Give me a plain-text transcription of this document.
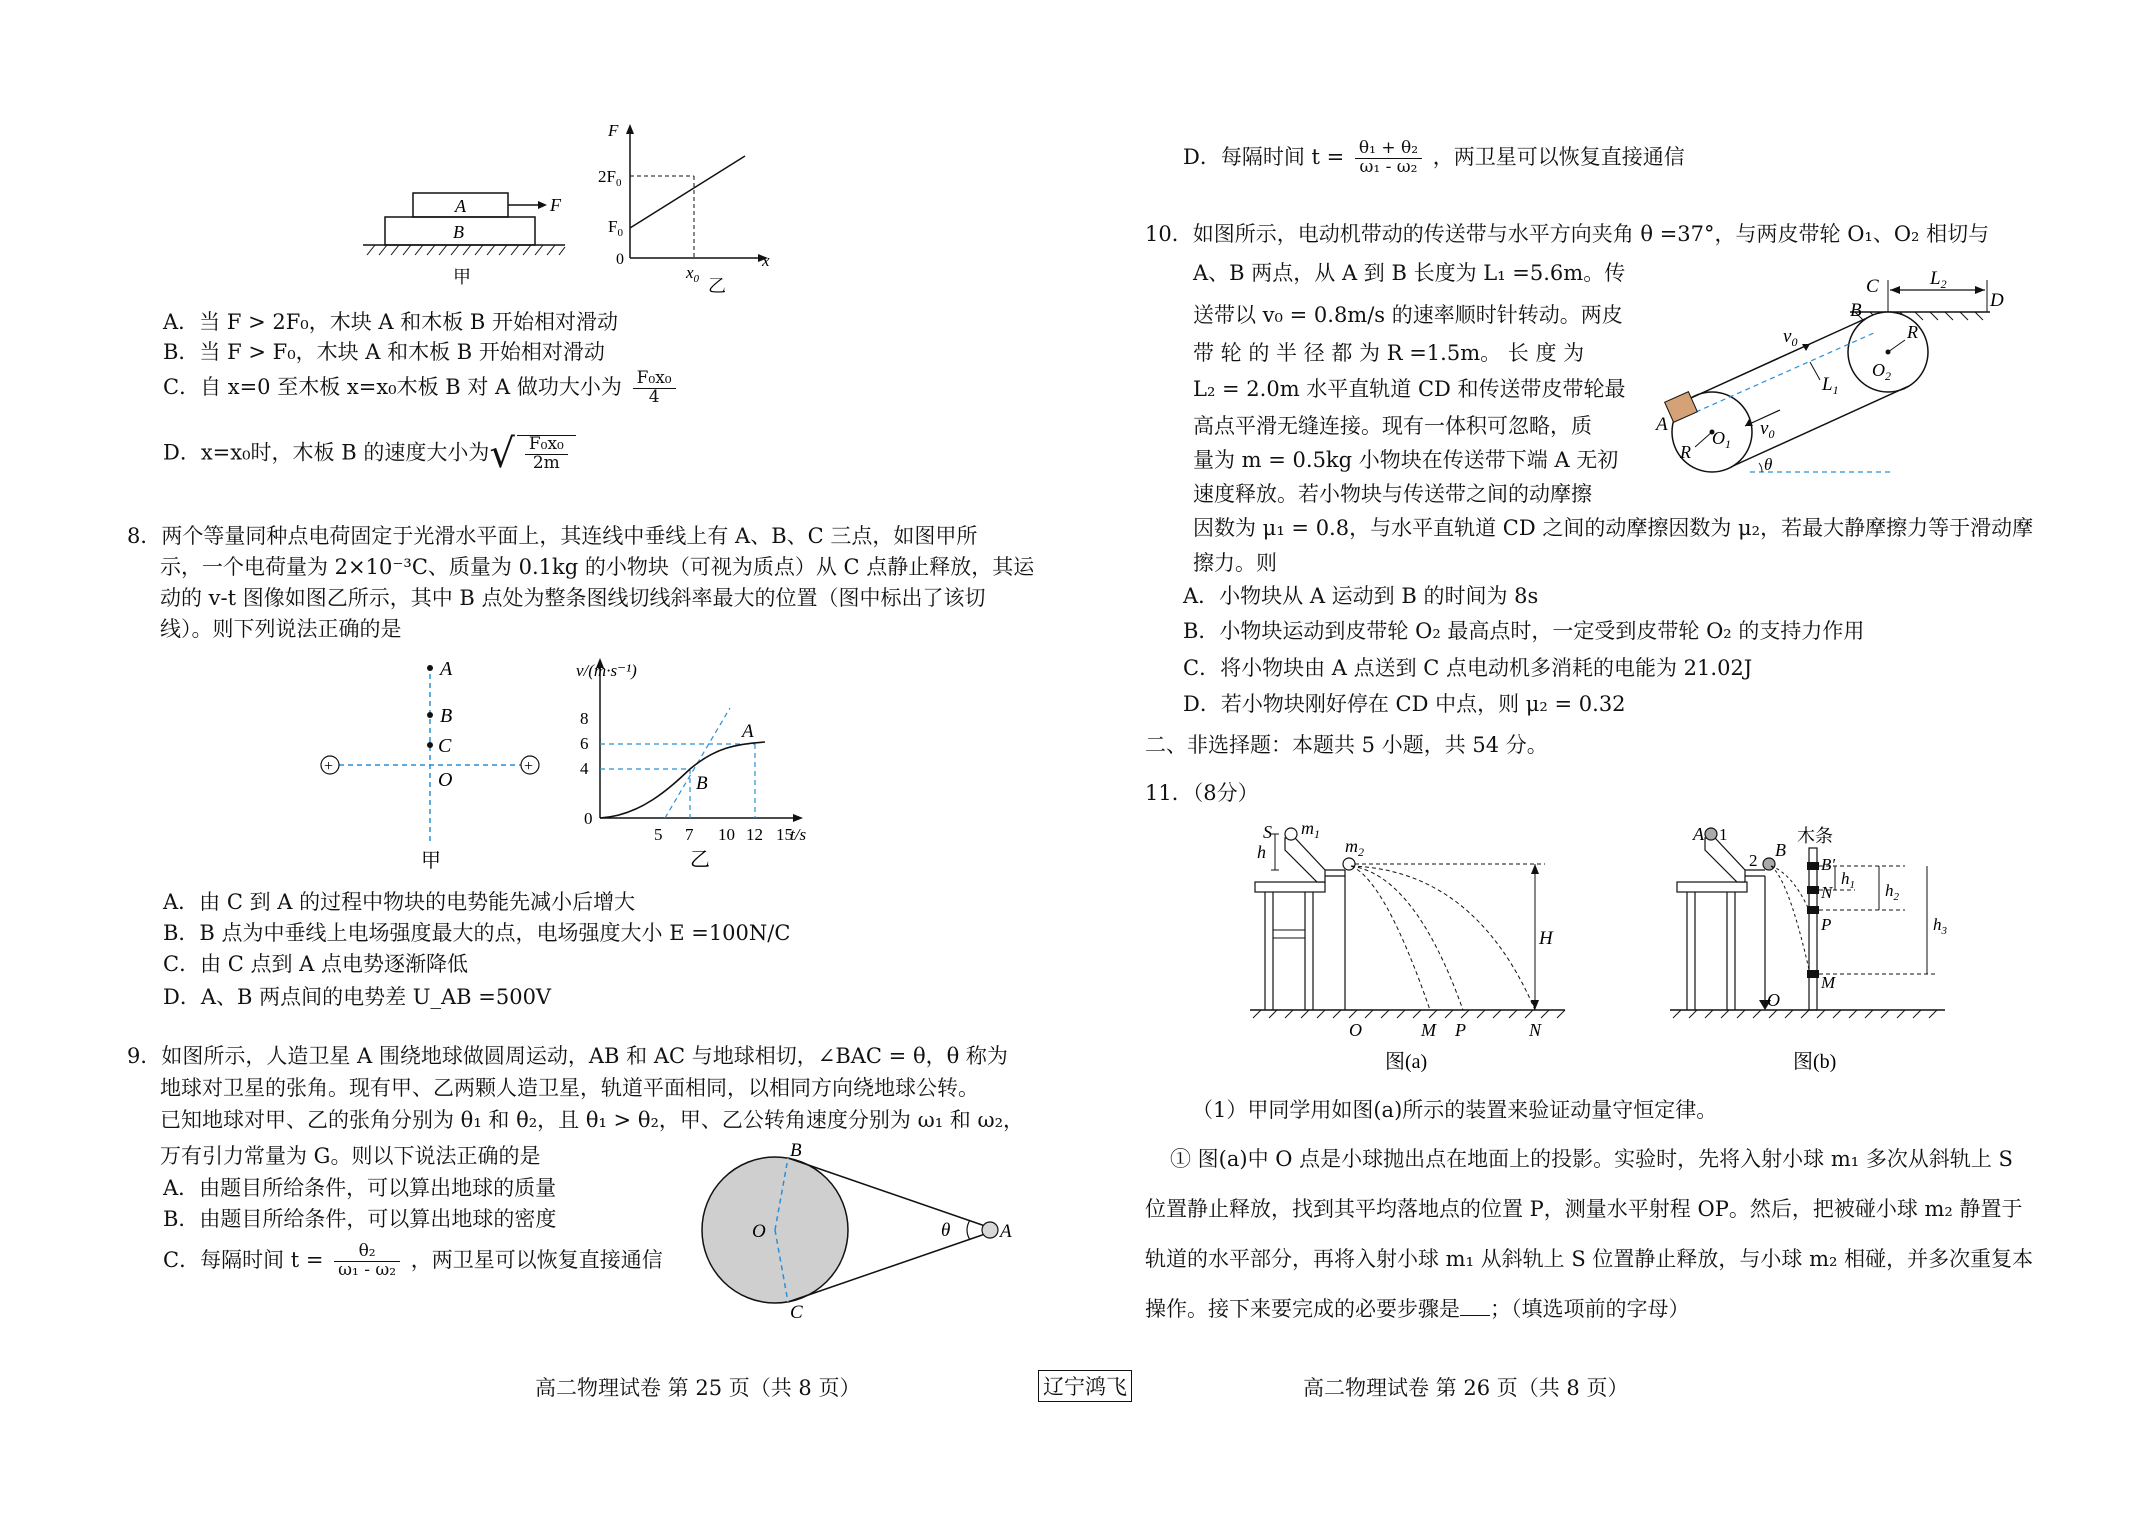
A
B
F
甲
F
$2F_0$
$F_0$
0
$x_0$
x
乙
A．当 F > 2F₀，木块 A 和木板 B 开始相对滑动
B．当 F > F₀，木块 A 和木板 B 开始相对滑动
C．自 x=0 至木板 x=x₀木板 B 对 A 做功大小为 $\frac{\text{F₀x₀}}{4}$
D．x=x₀时，木板 B 的速度大小为√ $\frac{\text{F₀x₀}}{2m}$
8．两个等量同种点电荷固定于光滑水平面上，其连线中垂线上有 A、B、C 三点，如图甲所
示，一个电荷量为 2×10⁻³C、质量为 0.1kg 的小物块（可视为质点）从 C 点静止释放，其运
动的 v-t 图像如图乙所示，其中 B 点处为整条图线切线斜率最大的位置（图中标出了该切
线）。则下列说法正确的是
+	+
A
B
C
O
甲
v/(m·s⁻¹)
8
6
4
0
5 7 10 12 15
t/s
A
B
乙
A．由 C 到 A 的过程中物块的电势能先减小后增大
B．B 点为中垂线上电场强度最大的点，电场强度大小 E =100N/C
C．由 C 点到 A 点电势逐渐降低
D．A、B 两点间的电势差 U_AB =500V
9．如图所示，人造卫星 A 围绕地球做圆周运动，AB 和 AC 与地球相切，∠BAC = θ，θ 称为
地球对卫星的张角。现有甲、乙两颗人造卫星，轨道平面相同，以相同方向绕地球公转。
已知地球对甲、乙的张角分别为 θ₁ 和 θ₂，且 θ₁ > θ₂，甲、乙公转角速度分别为 ω₁ 和 ω₂，
万有引力常量为 G。则以下说法正确的是
A．由题目所给条件，可以算出地球的质量
B．由题目所给条件，可以算出地球的密度
C．每隔时间 $t = \frac{\text{θ₂}}{\text{ω₁ - ω₂}}$ ，两卫星可以恢复直接通信
B
C
O	A
θ
D．每隔时间 $t = \frac{\text{θ₁ + θ₂}}{\text{ω₁ - ω₂}}$ ，两卫星可以恢复直接通信
10．如图所示，电动机带动的传送带与水平方向夹角 θ =37°，与两皮带轮 O₁、O₂ 相切与
A、B 两点，从 A 到 B 长度为 L₁ =5.6m。传
送带以 v₀ = 0.8m/s 的速率顺时针转动。两皮
带 轮 的 半 径 都 为 R =1.5m。 长 度 为
L₂ = 2.0m 水平直轨道 CD 和传送带皮带轮最
高点平滑无缝连接。现有一体积可忽略，质
量为 m = 0.5kg 小物块在传送带下端 A 无初
速度释放。若小物块与传送带之间的动摩擦
因数为 μ₁ = 0.8，与水平直轨道 CD 之间的动摩擦因数为 μ₂，若最大静摩擦力等于滑动摩
擦力。则
A．小物块从 A 运动到 B 的时间为 8s
B．小物块运动到皮带轮 O₂ 最高点时，一定受到皮带轮 O₂ 的支持力作用
C．将小物块由 A 点送到 C 点电动机多消耗的电能为 21.02J
D．若小物块刚好停在 CD 中点，则 μ₂ = 0.32
A
B
C
D
$L_2$
$L_1$
$v_0$
$v_0$
$O_1$
$O_2$
R
R
θ
二、非选择题：本题共 5 小题，共 54 分。
11．（8分）
S $m_1$
$m_2$
h
H
O	M P	N
图(a)
A 1
2
B
木条
B′
N
P
M
O
$h_1$ $h_2$
$h_3$
图(b)
（1）甲同学用如图(a)所示的装置来验证动量守恒定律。
① 图(a)中 O 点是小球抛出点在地面上的投影。实验时，先将入射小球 m₁ 多次从斜轨上 S
位置静止释放，找到其平均落地点的位置 P，测量水平射程 OP。然后，把被碰小球 m₂ 静置于
轨道的水平部分，再将入射小球 m₁ 从斜轨上 S 位置静止释放，与小球 m₂ 相碰，并多次重复本
操作。接下来要完成的必要步骤是 ；（填选项前的字母）
高二物理试卷 第 25 页（共 8 页）	辽宁鸿飞	高二物理试卷 第 26 页（共 8 页）
